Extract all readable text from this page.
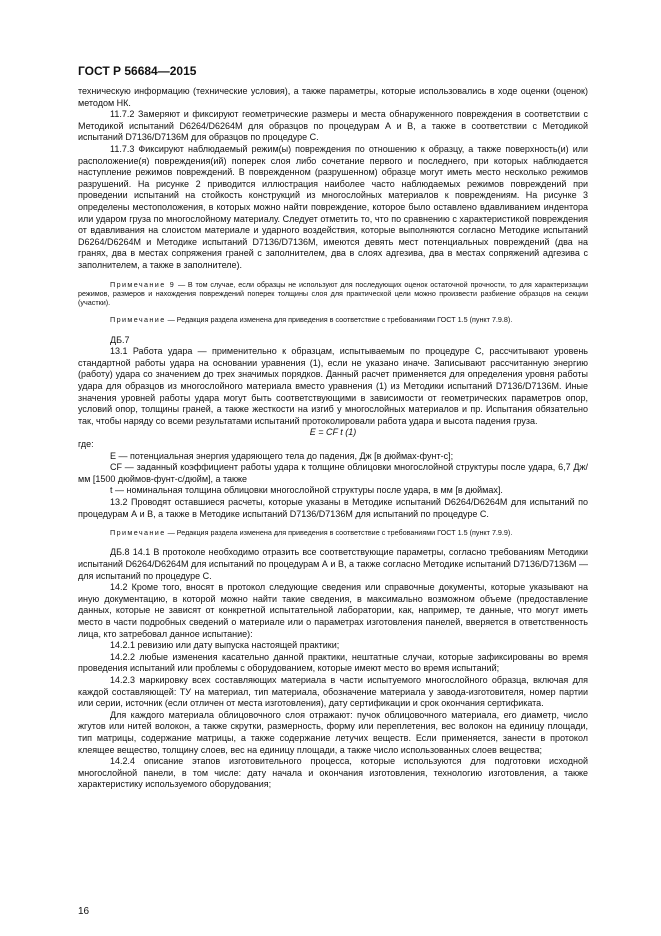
ГОСТ Р 56684—2015

техническую информацию (технические условия), а также параметры, которые использовались в ходе оценки (оценок) методом НК.

11.7.2 Замеряют и фиксируют геометрические размеры и места обнаруженного повреждения в соответствии с Методикой испытаний D6264/D6264M для образцов по процедурам А и В, а также в соответствии с Методикой испытаний D7136/D7136M для образцов по процедуре С.

11.7.3 Фиксируют наблюдаемый режим(ы) повреждения по отношению к образцу, а также поверхность(и) или расположение(я) повреждения(ий) поперек слоя либо сочетание первого и последнего, при которых наблюдается наступление режимов повреждений. В поврежденном (разрушенном) образце могут иметь место несколько режимов разрушений. На рисунке 2 приводится иллюстрация наиболее часто наблюдаемых режимов повреждений при проведении испытаний на стойкость конструкций из многослойных материалов к повреждениям. На рисунке 3 определены местоположения, в которых можно найти повреждение, которое было оставлено вдавливанием индентора или ударом груза по многослойному материалу. Следует отметить то, что по сравнению с характеристикой повреждения от вдавливания на слоистом материале и ударного воздействия, которые выполняются согласно Методике испытаний D6264/D6264M и Методике испытаний D7136/D7136M, имеются девять мест потенциальных повреждений (два на гранях, два в местах сопряжения граней с заполнителем, два в слоях адгезива, два в местах сопряжений адгезива с заполнителем, а также в заполнителе).

Примечание 9 — В том случае, если образцы не используют для последующих оценок остаточной прочности, то для характеризации режимов, размеров и нахождения повреждений поперек толщины слоя для практической цели можно произвести разбиение образцов на секции (участки).

Примечание — Редакция раздела изменена для приведения в соответствие с требованиями ГОСТ 1.5 (пункт 7.9.8).

ДБ.7

13.1 Работа удара — применительно к образцам, испытываемым по процедуре С, рассчитывают уровень стандартной работы удара на основании уравнения (1), если не указано иначе. Записывают рассчитанную энергию (работу) удара со значением до трех значимых порядков. Данный расчет применяется для определения уровня работы удара для образцов из многослойного материала вместо уравнения (1) из Методики испытаний D7136/D7136M. Иные значения уровней работы удара могут быть соответствующими в зависимости от геометрических параметров опор, условий опор, толщины граней, а также жесткости на изгиб у многослойных материалов и пр. Испытания обязательно так, чтобы наряду со всеми результатами испытаний протоколировали работа удара и высота падения груза.

E = CF t (1)

где:

E — потенциальная энергия ударяющего тела до падения, Дж [в дюймах-фунт-с];

CF — заданный коэффициент работы удара к толщине облицовки многослойной структуры после удара, 6,7 Дж/мм [1500 дюймов-фунт-с/дюйм], а также

t — номинальная толщина облицовки многослойной структуры после удара, в мм [в дюймах].

13.2 Проводят оставшиеся расчеты, которые указаны в Методике испытаний D6264/D6264M для испытаний по процедурам А и В, а также в Методике испытаний D7136/D7136M для испытаний по процедуре С.

Примечание — Редакция раздела изменена для приведения в соответствие с требованиями ГОСТ 1.5 (пункт 7.9.9).

ДБ.8 14.1 В протоколе необходимо отразить все соответствующие параметры, согласно требованиям Методики испытаний D6264/D6264M для испытаний по процедурам А и В, а также согласно Методике испытаний D7136/D7136M — для испытаний по процедуре С.

14.2 Кроме того, вносят в протокол следующие сведения или справочные документы, которые указывают на иную документацию, в которой можно найти такие сведения, в максимально возможном объеме (предоставление данных, которые не зависят от конкретной испытательной лаборатории, как, например, те данные, что могут иметь место в части подробных сведений о материале или о параметрах изготовления панелей, вверяется в ответственность лица, кто затребовал данное испытание):

14.2.1 ревизию или дату выпуска настоящей практики;

14.2.2 любые изменения касательно данной практики, нештатные случаи, которые зафиксированы во время проведения испытаний или проблемы с оборудованием, которые имеют место во время испытаний;

14.2.3 маркировку всех составляющих материала в части испытуемого многослойного образца, включая для каждой составляющей: ТУ на материал, тип материала, обозначение материала у завода-изготовителя, номер партии или серии, источник (если отличен от места изготовления), дату сертификации и срок окончания сертификата.

Для каждого материала облицовочного слоя отражают: пучок облицовочного материала, его диаметр, число жгутов или нитей волокон, а также скрутки, размерность, форму или переплетения, вес волокон на единицу площади, тип матрицы, содержание матрицы, а также содержание летучих веществ. Если применяется, занести в протокол клеящее вещество, толщину слоев, вес на единицу площади, а также число использованных слоев вещества;

14.2.4 описание этапов изготовительного процесса, которые используются для подготовки исходной многослойной панели, в том числе: дату начала и окончания изготовления, технологию изготовления, а также характеристику используемого оборудования;

16
